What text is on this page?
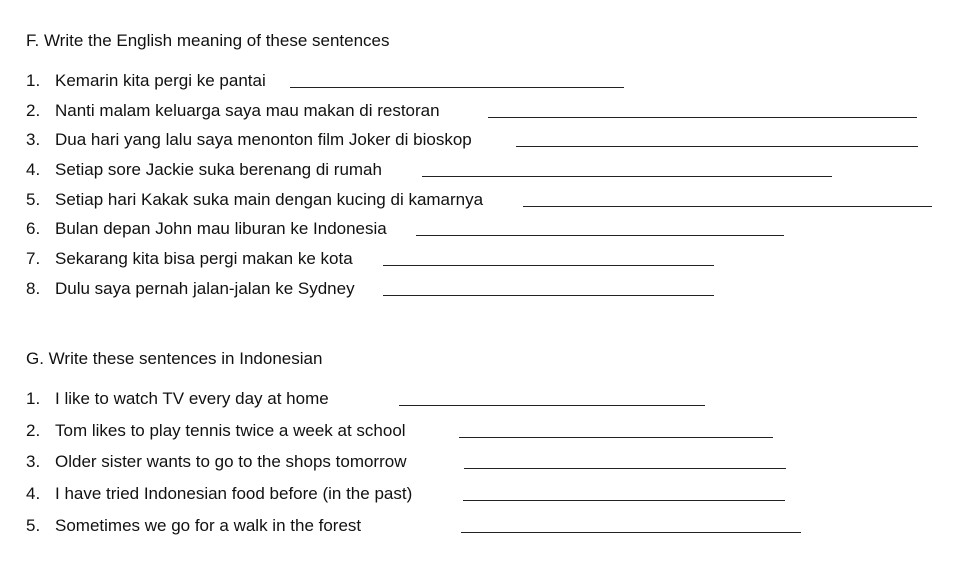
F. Write the English meaning of these sentences
1. Kemarin kita pergi ke pantai
2. Nanti malam keluarga saya mau makan di restoran
3. Dua hari yang lalu saya menonton film Joker di bioskop
4. Setiap sore Jackie suka berenang di rumah
5. Setiap hari Kakak suka main dengan kucing di kamarnya
6. Bulan depan John mau liburan ke Indonesia
7. Sekarang kita bisa pergi makan ke kota
8. Dulu saya pernah jalan-jalan ke Sydney
G. Write these sentences in Indonesian
1. I like to watch TV every day at home
2. Tom likes to play tennis twice a week at school
3. Older sister wants to go to the shops tomorrow
4. I have tried Indonesian food before (in the past)
5. Sometimes we go for a walk in the forest
